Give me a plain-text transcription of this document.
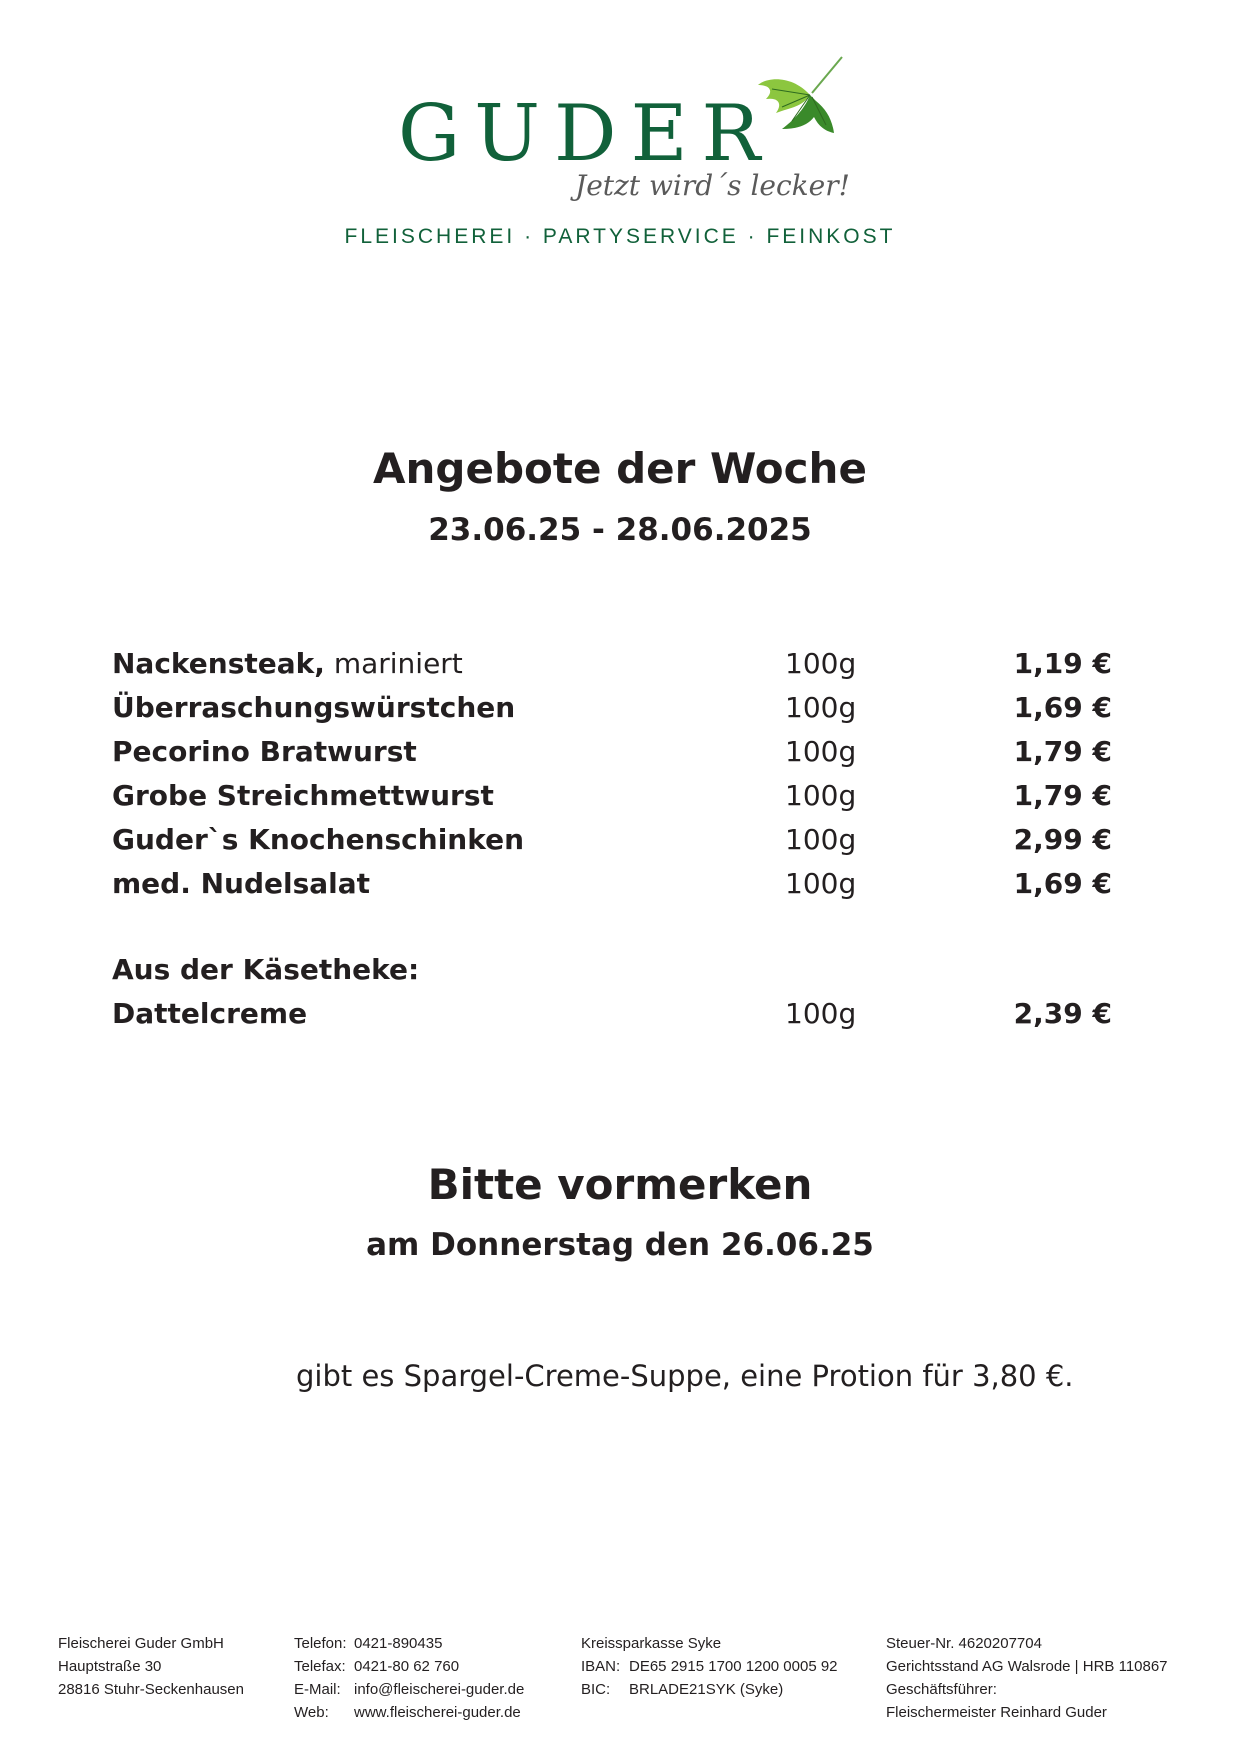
GUDER
Jetzt wird´s lecker!
FLEISCHEREI · PARTYSERVICE · FEINKOST
Angebote der Woche
23.06.25 - 28.06.2025
Nackensteak, mariniert	100g	1,19 €
Überraschungswürstchen	100g	1,69 €
Pecorino Bratwurst	100g	1,79 €
Grobe Streichmettwurst	100g	1,79 €
Guder`s Knochenschinken	100g	2,99 €
med. Nudelsalat	100g	1,69 €
Aus der Käsetheke:
Dattelcreme	100g	2,39 €
Bitte vormerken
am Donnerstag den 26.06.25
gibt es Spargel-Creme-Suppe, eine Protion für 3,80 €.
Fleischerei Guder GmbH
Hauptstraße 30
28816 Stuhr-Seckenhausen
Telefon: 0421-890435
Telefax: 0421-80 62 760
E-Mail: info@fleischerei-guder.de
Web: www.fleischerei-guder.de
Kreissparkasse Syke
IBAN: DE65 2915 1700 1200 0005 92
BIC: BRLADE21SYK (Syke)
Steuer-Nr. 4620207704
Gerichtsstand AG Walsrode | HRB 110867
Geschäftsführer:
Fleischermeister Reinhard Guder
